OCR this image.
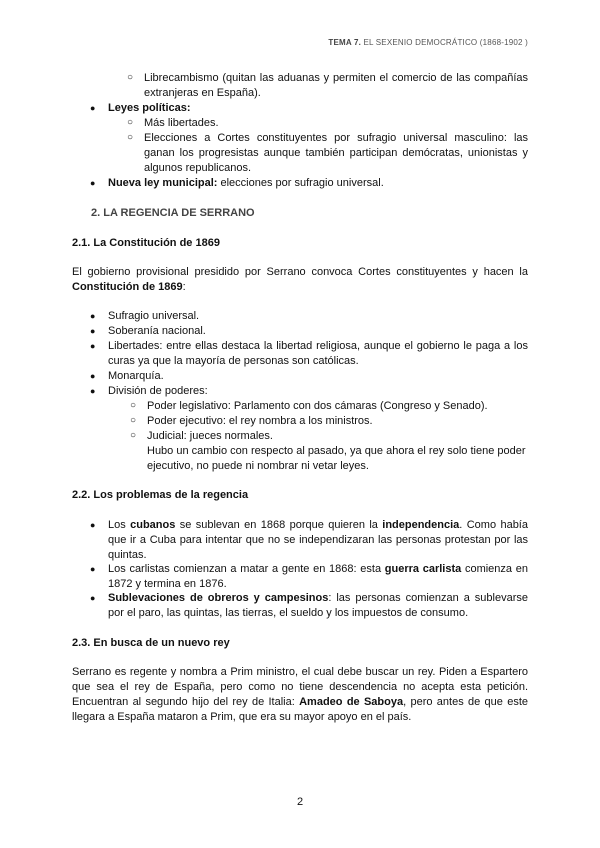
TEMA 7. EL SEXENIO DEMOCRÁTICO (1868-1902 )
○ Librecambismo (quitan las aduanas y permiten el comercio de las compañías
extranjeras en España).
● Leyes políticas:
○ Más libertades.
○ Elecciones a Cortes constituyentes por sufragio universal masculino: las
ganan los progresistas aunque también participan demócratas, unionistas y
algunos republicanos.
● Nueva ley municipal: elecciones por sufragio universal.
2. LA REGENCIA DE SERRANO
2.1. La Constitución de 1869
El gobierno provisional presidido por Serrano convoca Cortes constituyentes y hacen la
Constitución de 1869:
● Sufragio universal.
● Soberanía nacional.
● Libertades: entre ellas destaca la libertad religiosa, aunque el gobierno le paga a los
curas ya que la mayoría de personas son católicas.
● Monarquía.
● División de poderes:
○ Poder legislativo: Parlamento con dos cámaras (Congreso y Senado).
○ Poder ejecutivo: el rey nombra a los ministros.
○ Judicial: jueces normales.
Hubo un cambio con respecto al pasado, ya que ahora el rey solo tiene poder
ejecutivo, no puede ni nombrar ni vetar leyes.
2.2. Los problemas de la regencia
● Los cubanos se sublevan en 1868 porque quieren la independencia. Como había
que ir a Cuba para intentar que no se independizaran las personas protestan por las
quintas.
● Los carlistas comienzan a matar a gente en 1868: esta guerra carlista comienza en
1872 y termina en 1876.
● Sublevaciones de obreros y campesinos: las personas comienzan a sublevarse
por el paro, las quintas, las tierras, el sueldo y los impuestos de consumo.
2.3. En busca de un nuevo rey
Serrano es regente y nombra a Prim ministro, el cual debe buscar un rey. Piden a Espartero
que sea el rey de España, pero como no tiene descendencia no acepta esta petición.
Encuentran al segundo hijo del rey de Italia: Amadeo de Saboya, pero antes de que este
llegara a España mataron a Prim, que era su mayor apoyo en el país.
2
